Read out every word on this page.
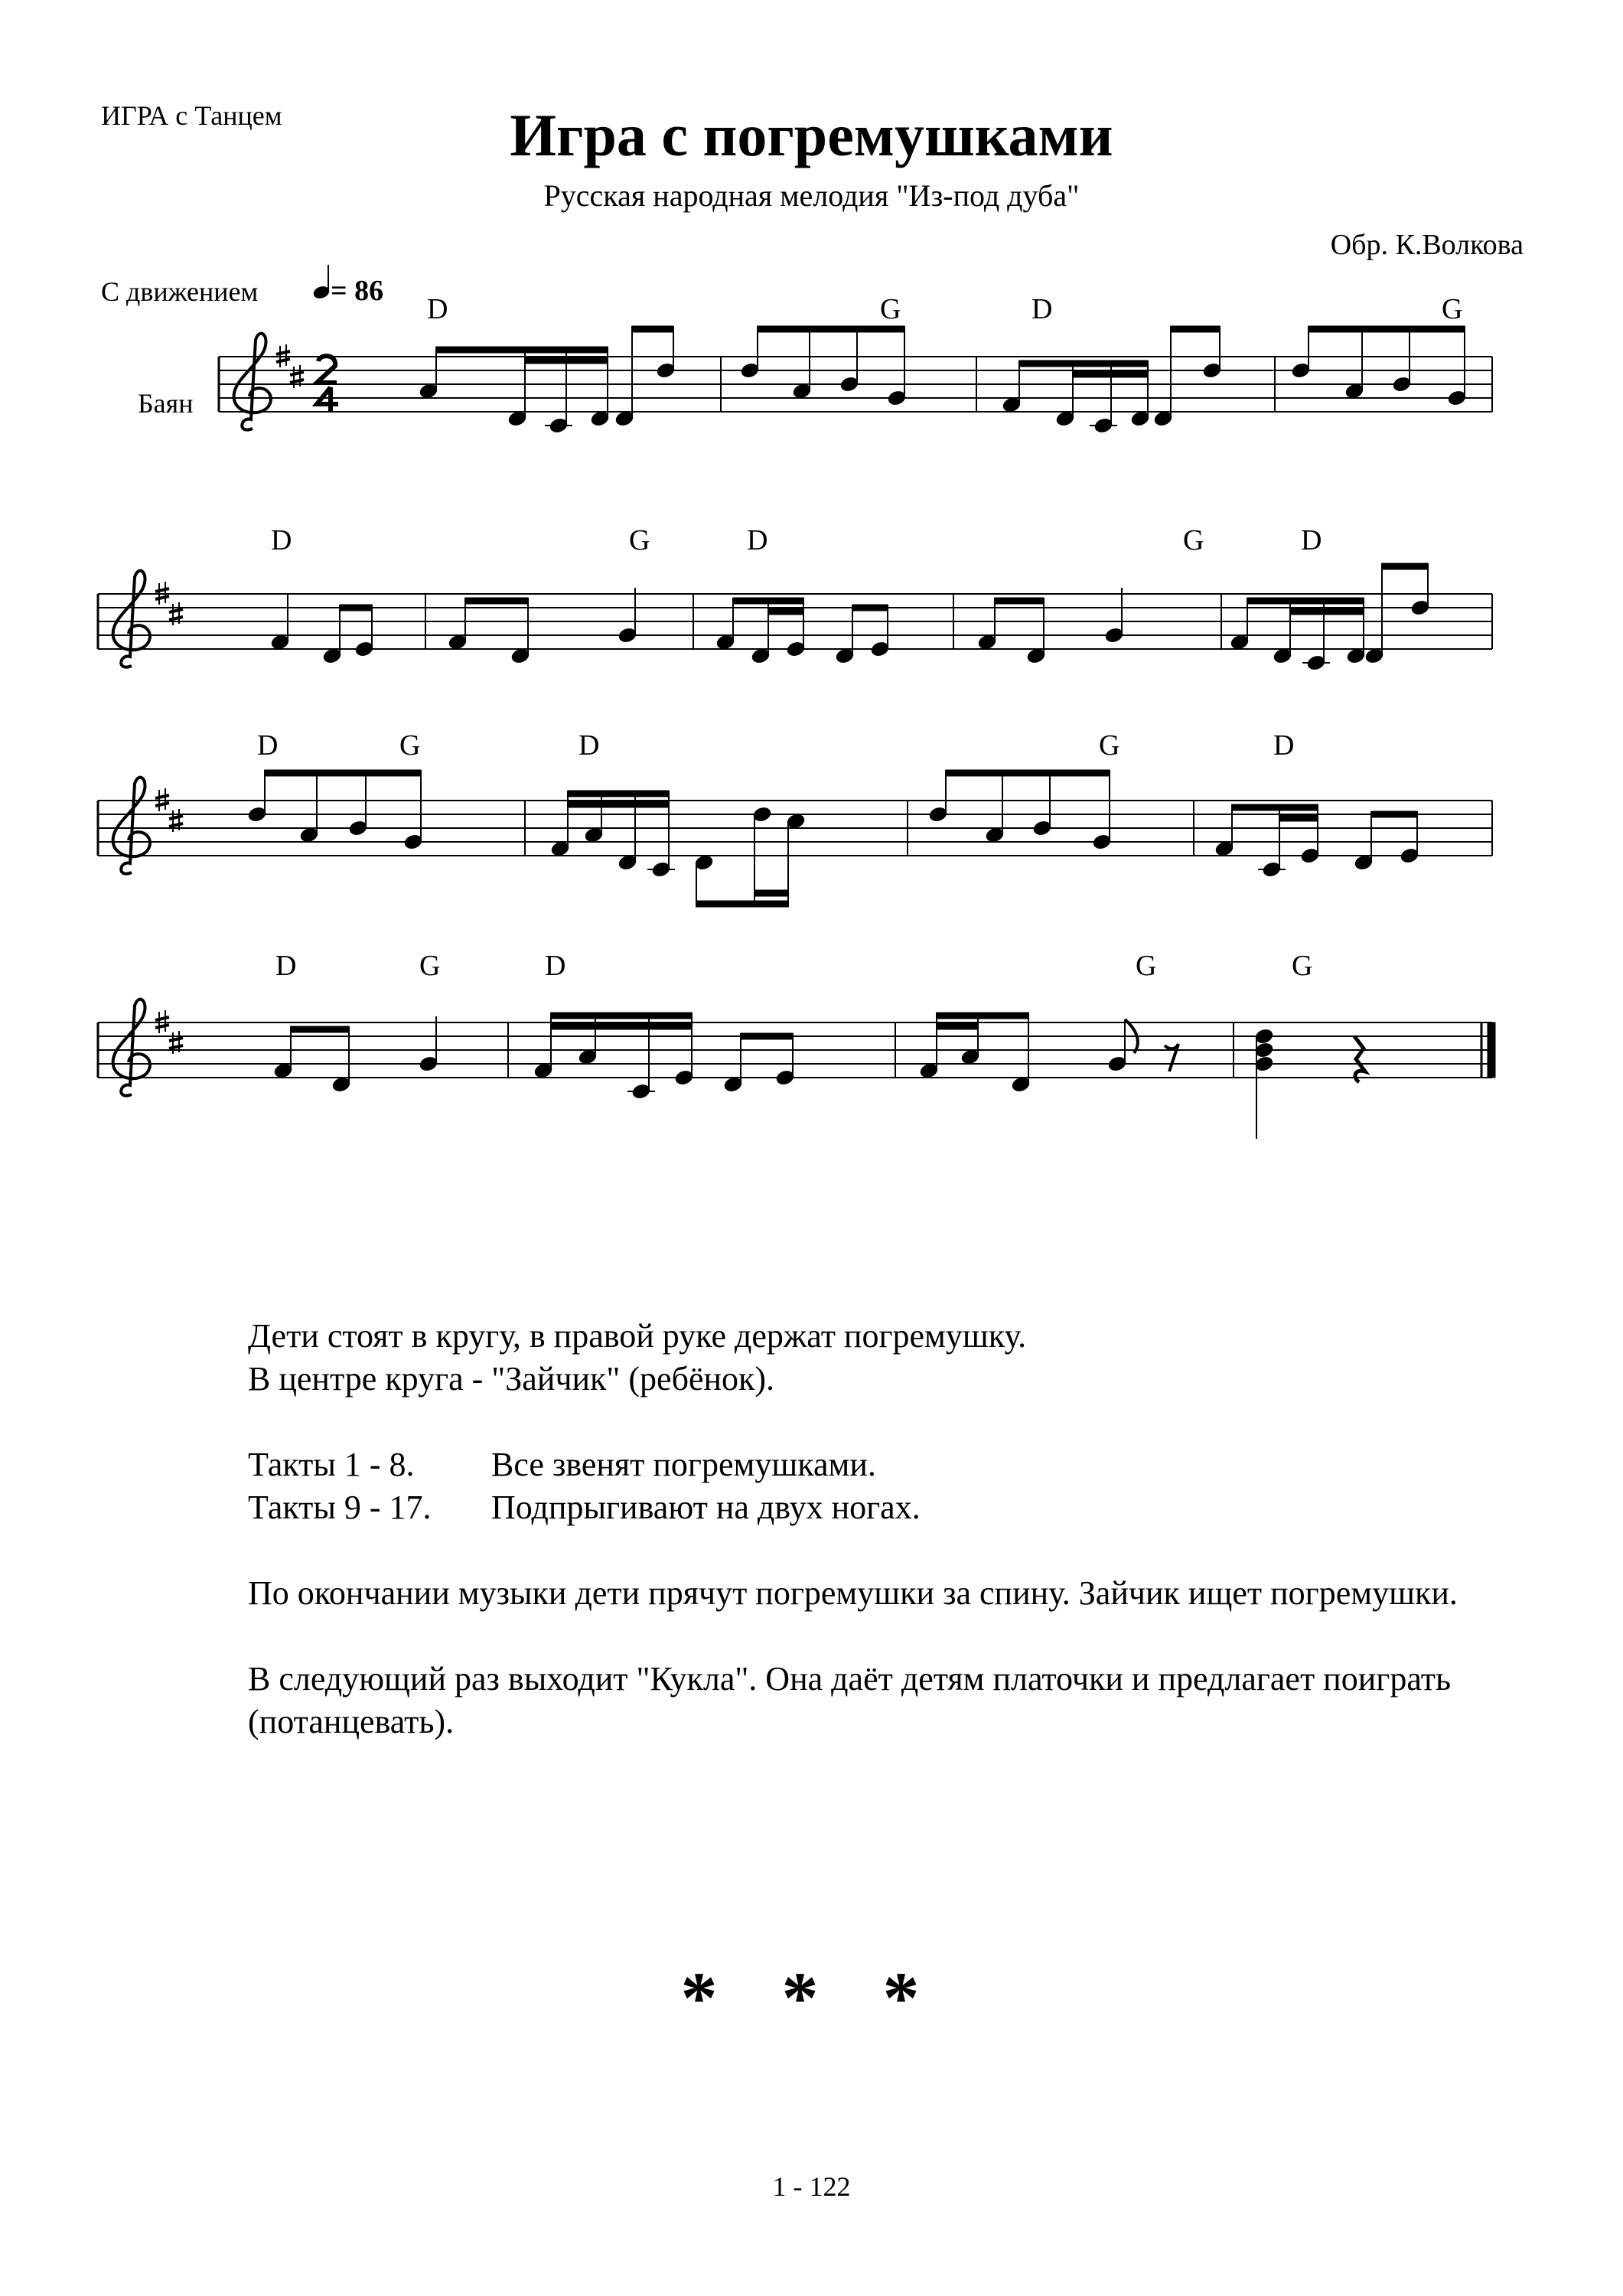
ИГРА с Танцем	Игра с погремушками
Русская народная мелодия "Из-под дуба"
Обр. К.Волкова
С движением = 86
Баян
D	G	D	G
D	G	D	G	D
D	G	D	G	D
D	G	D	G	G

Дети стоят в кругу, в правой руке держат погремушку.
В центре круга - "Зайчик" (ребёнок).

Такты 1 - 8. Все звенят погремушками.
Такты 9 - 17. Подпрыгивают на двух ногах.

По окончании музыки дети прячут погремушки за спину. Зайчик ищет погремушки.

В следующий раз выходит "Кукла". Она даёт детям платочки и предлагает поиграть (потанцевать).

* * *
1 - 122
